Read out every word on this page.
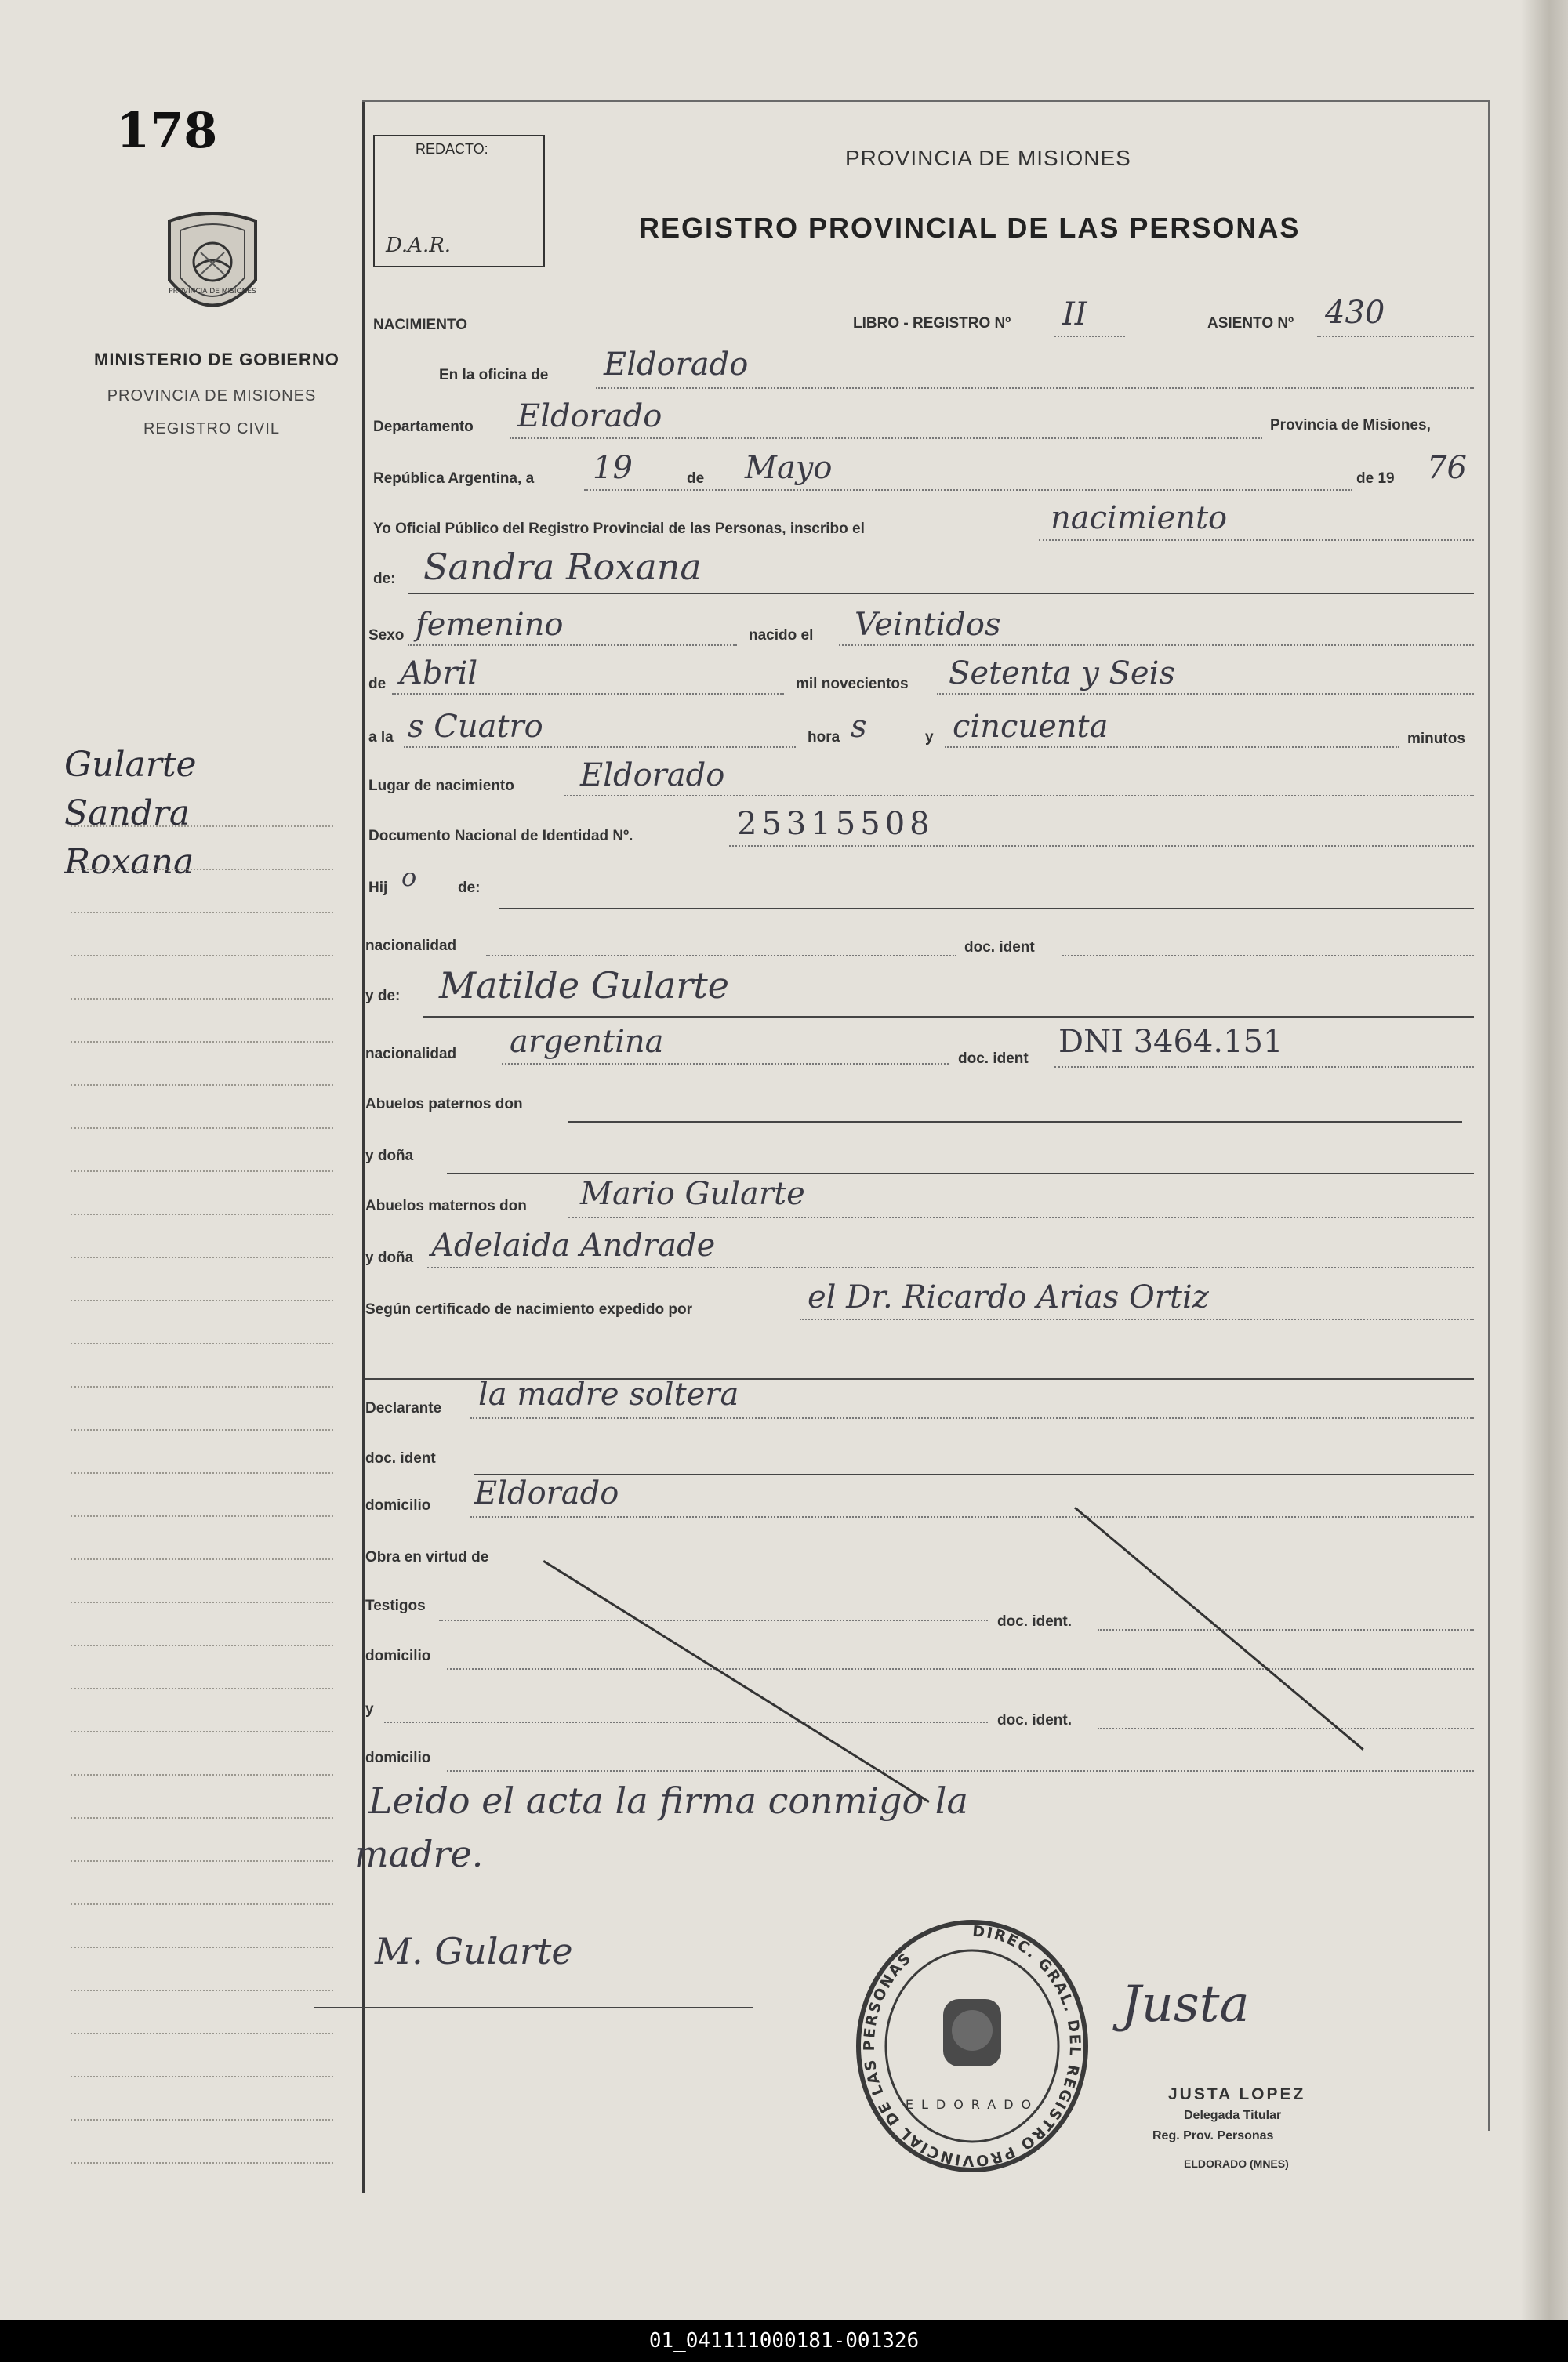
178
PROVINCIA DE MISIONES
MINISTERIO DE GOBIERNO
PROVINCIA DE MISIONES
REGISTRO CIVIL
Gularte
Sandra
Roxana
REDACTO:
D.A.R.
PROVINCIA DE MISIONES
REGISTRO PROVINCIAL DE LAS PERSONAS
NACIMIENTO	LIBRO - REGISTRO Nº II	ASIENTO Nº 430
En la oficina de Eldorado
Departamento Eldorado	Provincia de Misiones,
República Argentina, a 19	de Mayo	de 19 76
Yo Oficial Público del Registro Provincial de las Personas, inscribo el	nacimiento
de: Sandra Roxana
Sexo femenino	nacido el Veintidos
de Abril	mil novecientos Setenta y Seis
a la s Cuatro	hora s	y cincuenta	minutos
Lugar de nacimiento Eldorado
Documento Nacional de Identidad Nº.	25315508
Hij o	de:
nacionalidad	doc. ident
y de: Matilde Gularte
nacionalidad argentina	doc. ident DNI 3464.151
Abuelos paternos don
y doña
Abuelos maternos don Mario Gularte
y doña Adelaida Andrade
Según certificado de nacimiento expedido por	el Dr. Ricardo Arias Ortiz
Declarante la madre soltera
doc. ident
domicilio Eldorado
Obra en virtud de
Testigos
doc. ident.
domicilio
y
doc. ident.
domicilio
Leido el acta la firma conmigo la
madre.
M. Gularte	DIREC. GRAL. DEL REGISTRO PROVINCIAL DE LAS PERSONAS
ELDORADO
Justa
JUSTA LOPEZ
Delegada Titular
Reg. Prov. Personas
ELDORADO (MNES)
01_041111000181-001326
